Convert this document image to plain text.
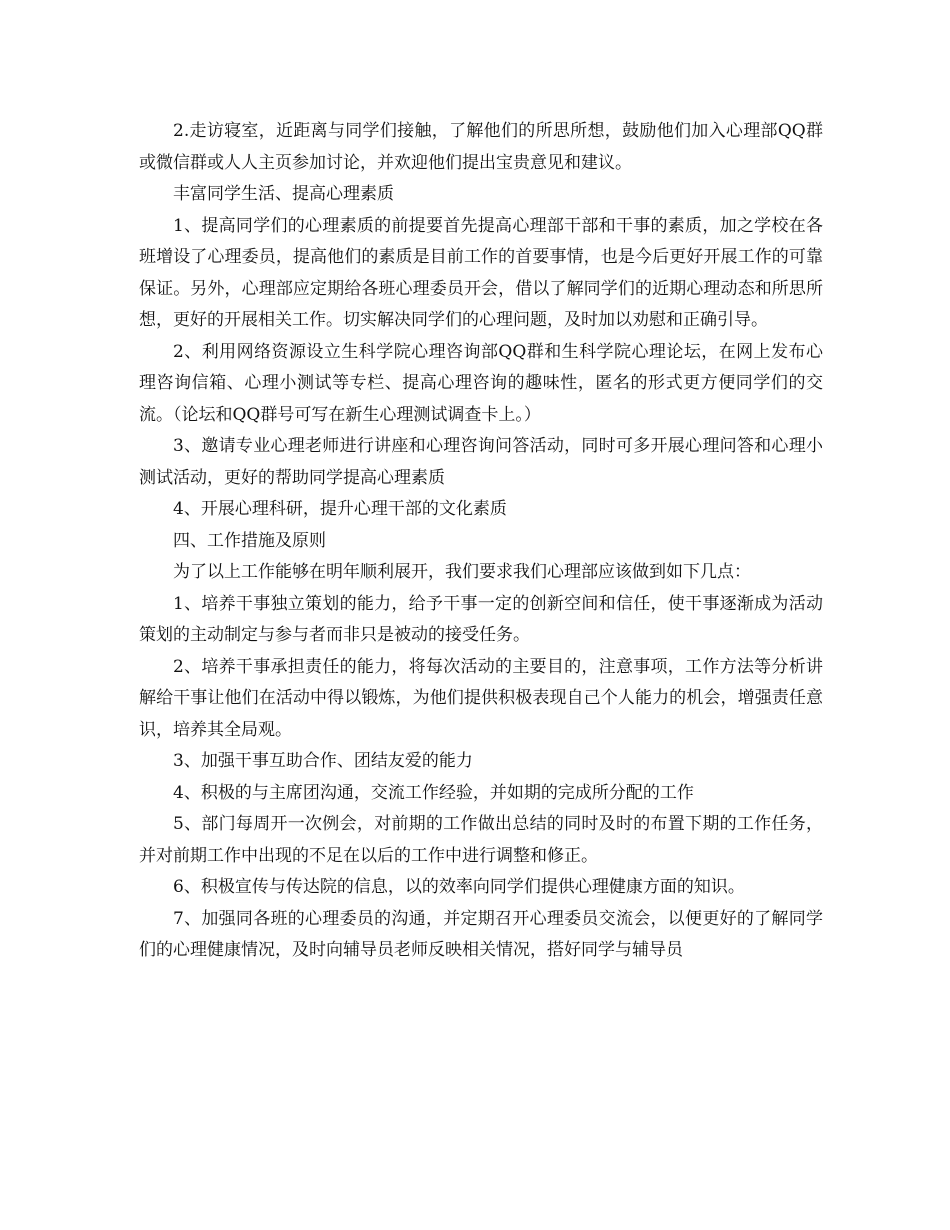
2.走访寝室，近距离与同学们接触，了解他们的所思所想，鼓励他们加入心理部QQ群或微信群或人人主页参加讨论，并欢迎他们提出宝贵意见和建议。

丰富同学生活、提高心理素质

1、提高同学们的心理素质的前提要首先提高心理部干部和干事的素质，加之学校在各班增设了心理委员，提高他们的素质是目前工作的首要事情，也是今后更好开展工作的可靠保证。另外，心理部应定期给各班心理委员开会，借以了解同学们的近期心理动态和所思所想，更好的开展相关工作。切实解决同学们的心理问题，及时加以劝慰和正确引导。

2、利用网络资源设立生科学院心理咨询部QQ群和生科学院心理论坛，在网上发布心理咨询信箱、心理小测试等专栏、提高心理咨询的趣味性，匿名的形式更方便同学们的交流。（论坛和QQ群号可写在新生心理测试调查卡上。）

3、邀请专业心理老师进行讲座和心理咨询问答活动，同时可多开展心理问答和心理小测试活动，更好的帮助同学提高心理素质

4、开展心理科研，提升心理干部的文化素质

四、工作措施及原则

为了以上工作能够在明年顺利展开，我们要求我们心理部应该做到如下几点：

1、培养干事独立策划的能力，给予干事一定的创新空间和信任，使干事逐渐成为活动策划的主动制定与参与者而非只是被动的接受任务。

2、培养干事承担责任的能力，将每次活动的主要目的，注意事项，工作方法等分析讲解给干事让他们在活动中得以锻炼，为他们提供积极表现自己个人能力的机会，增强责任意识，培养其全局观。

3、加强干事互助合作、团结友爱的能力

4、积极的与主席团沟通，交流工作经验，并如期的完成所分配的工作

5、部门每周开一次例会，对前期的工作做出总结的同时及时的布置下期的工作任务，并对前期工作中出现的不足在以后的工作中进行调整和修正。

6、积极宣传与传达院的信息，以的效率向同学们提供心理健康方面的知识。

7、加强同各班的心理委员的沟通，并定期召开心理委员交流会，以便更好的了解同学们的心理健康情况，及时向辅导员老师反映相关情况，搭好同学与辅导员
